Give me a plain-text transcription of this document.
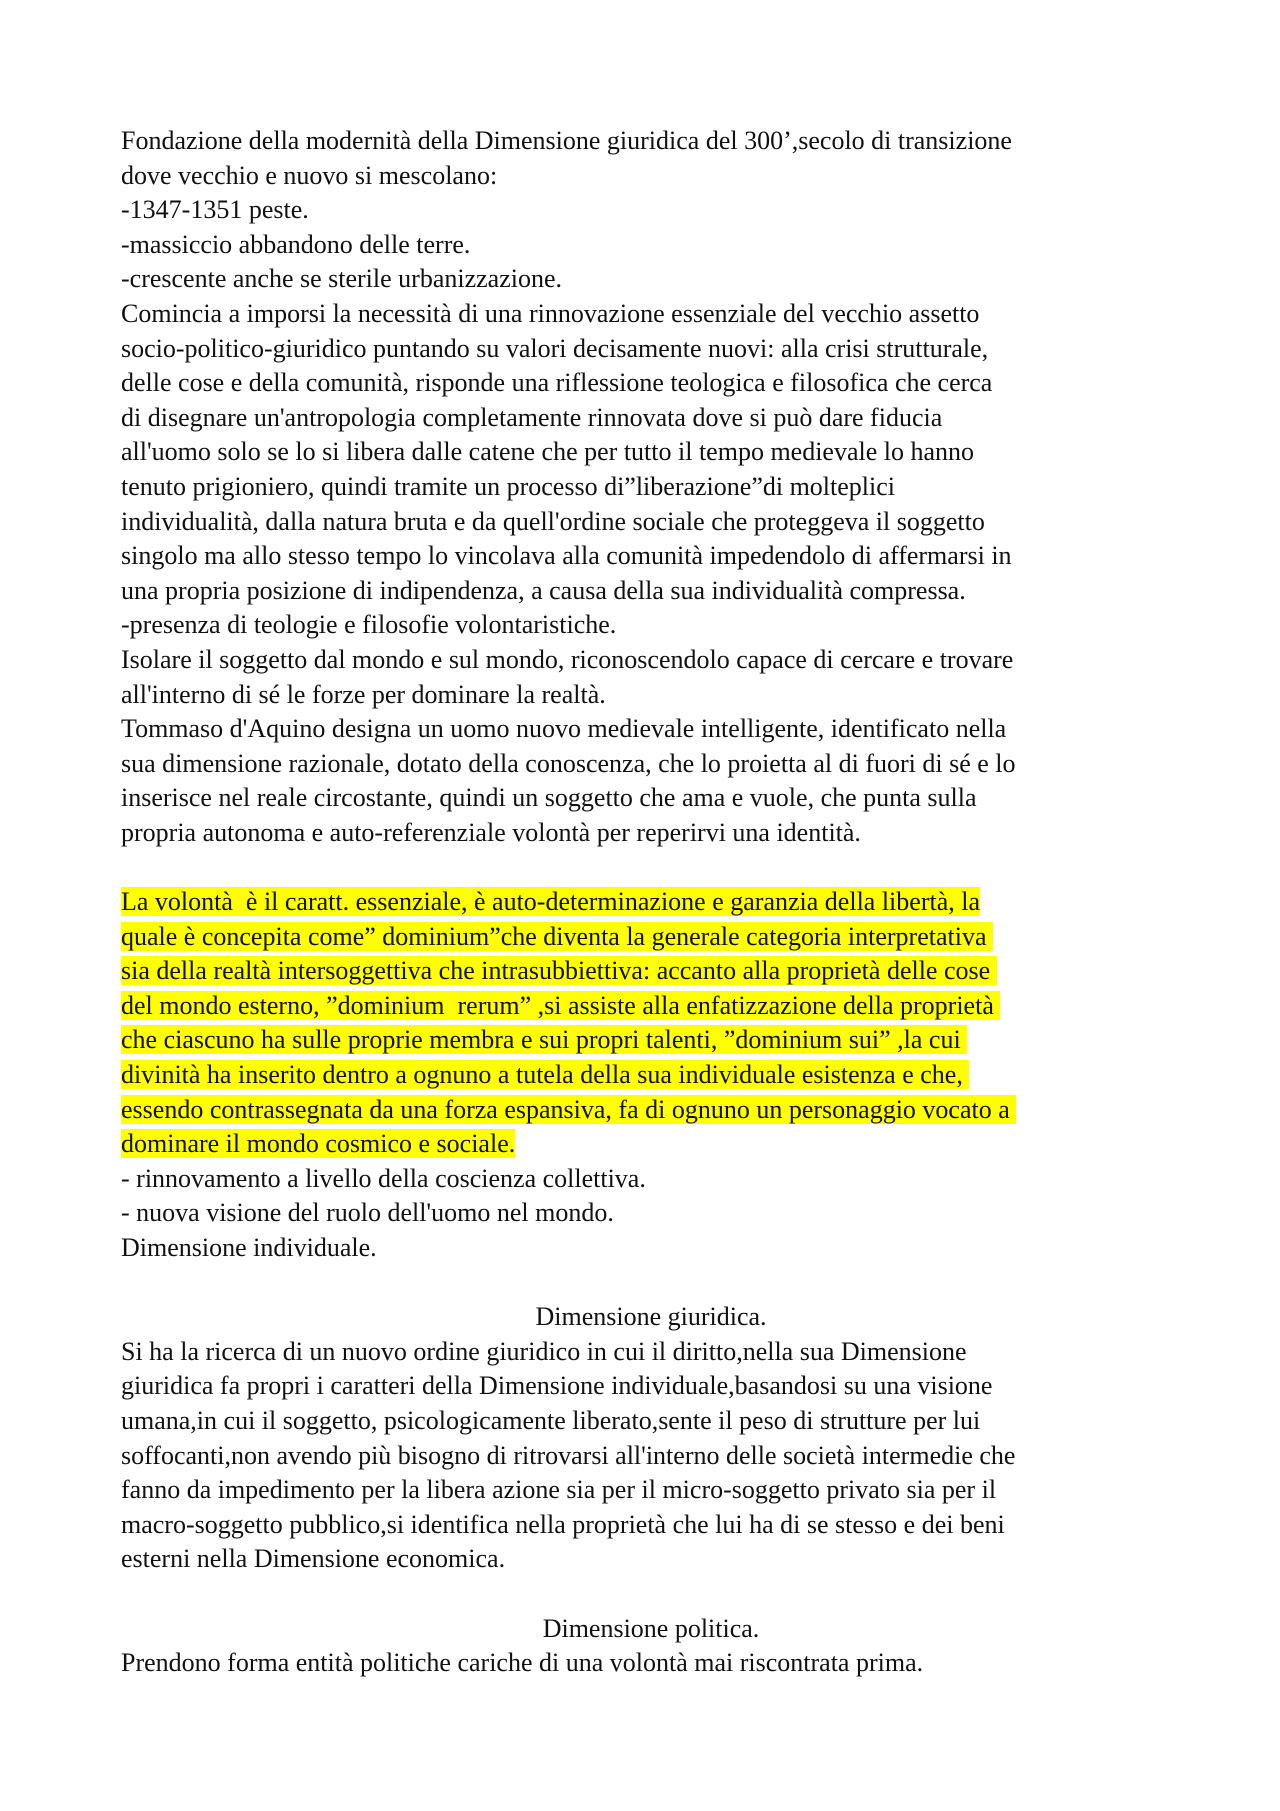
Fondazione della modernità della Dimensione giuridica del 300’,secolo di transizione
dove vecchio e nuovo si mescolano:
-1347-1351 peste.
-massiccio abbandono delle terre.
-crescente anche se sterile urbanizzazione.
Comincia a imporsi la necessità di una rinnovazione essenziale del vecchio assetto
socio-politico-giuridico puntando su valori decisamente nuovi: alla crisi strutturale,
delle cose e della comunità, risponde una riflessione teologica e filosofica che cerca
di disegnare un'antropologia completamente rinnovata dove si può dare fiducia
all'uomo solo se lo si libera dalle catene che per tutto il tempo medievale lo hanno
tenuto prigioniero, quindi tramite un processo di”liberazione”di molteplici
individualità, dalla natura bruta e da quell'ordine sociale che proteggeva il soggetto
singolo ma allo stesso tempo lo vincolava alla comunità impedendolo di affermarsi in
una propria posizione di indipendenza, a causa della sua individualità compressa.
-presenza di teologie e filosofie volontaristiche.
Isolare il soggetto dal mondo e sul mondo, riconoscendolo capace di cercare e trovare
all'interno di sé le forze per dominare la realtà.
Tommaso d'Aquino designa un uomo nuovo medievale intelligente, identificato nella
sua dimensione razionale, dotato della conoscenza, che lo proietta al di fuori di sé e lo
inserisce nel reale circostante, quindi un soggetto che ama e vuole, che punta sulla
propria autonoma e auto-referenziale volontà per reperirvi una identità.
La volontà  è il caratt. essenziale, è auto-determinazione e garanzia della libertà, la
quale è concepita come” dominium”che diventa la generale categoria interpretativa
sia della realtà intersoggettiva che intrasubbiettiva: accanto alla proprietà delle cose
del mondo esterno, ”dominium  rerum” ,si assiste alla enfatizzazione della proprietà
che ciascuno ha sulle proprie membra e sui propri talenti, ”dominium sui” ,la cui
divinità ha inserito dentro a ognuno a tutela della sua individuale esistenza e che,
essendo contrassegnata da una forza espansiva, fa di ognuno un personaggio vocato a
dominare il mondo cosmico e sociale.
- rinnovamento a livello della coscienza collettiva.
- nuova visione del ruolo dell'uomo nel mondo.
Dimensione individuale.
Dimensione giuridica.
Si ha la ricerca di un nuovo ordine giuridico in cui il diritto,nella sua Dimensione
giuridica fa propri i caratteri della Dimensione individuale,basandosi su una visione
umana,in cui il soggetto, psicologicamente liberato,sente il peso di strutture per lui
soffocanti,non avendo più bisogno di ritrovarsi all'interno delle società intermedie che
fanno da impedimento per la libera azione sia per il micro-soggetto privato sia per il
macro-soggetto pubblico,si identifica nella proprietà che lui ha di se stesso e dei beni
esterni nella Dimensione economica.
Dimensione politica.
Prendono forma entità politiche cariche di una volontà mai riscontrata prima.
